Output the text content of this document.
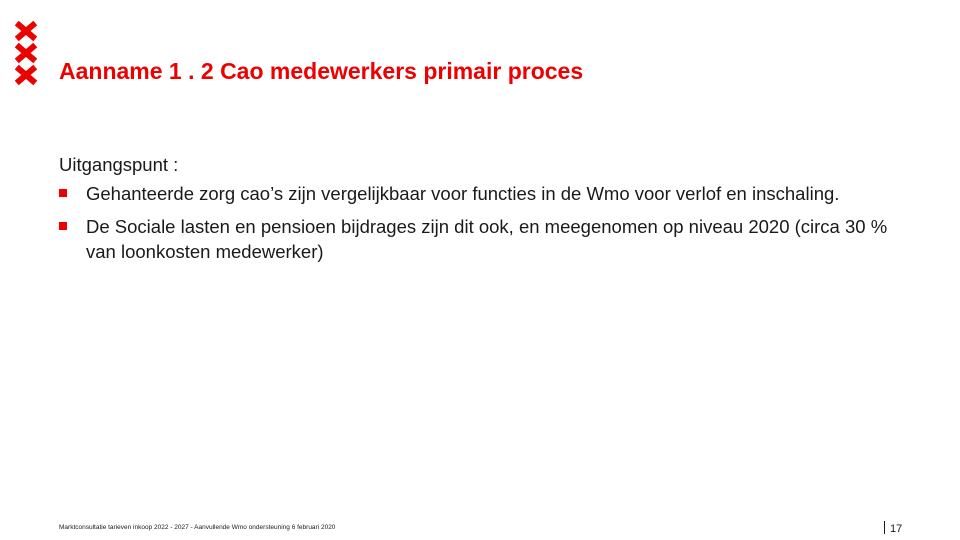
Aanname 1 . 2 Cao medewerkers primair proces

Uitgangspunt :

Gehanteerde zorg cao’s zijn vergelijkbaar voor functies in de Wmo voor verlof en inschaling.
De Sociale lasten en pensioen bijdrages zijn dit ook, en meegenomen op niveau 2020 (circa 30 % van loonkosten medewerker)
Marktconsultatie tarieven inkoop 2022 - 2027 - Aanvullende Wmo ondersteuning 6 februari 2020	17
